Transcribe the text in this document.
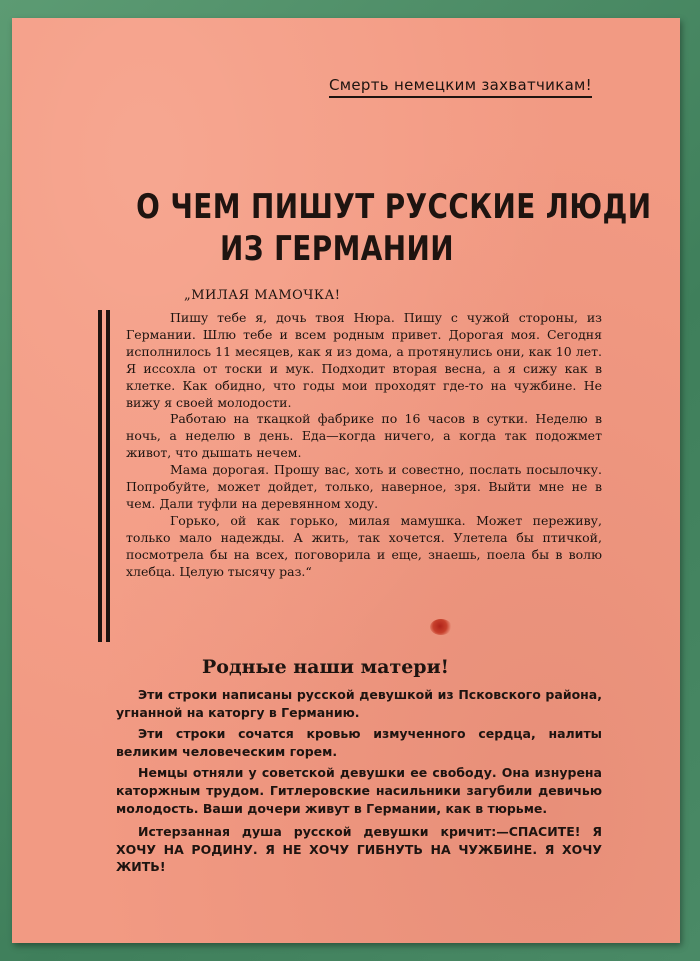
Смерть немецким захватчикам!
О ЧЕМ ПИШУТ РУССКИЕ ЛЮДИ
ИЗ ГЕРМАНИИ
„МИЛАЯ МАМОЧКА!

Пишу тебе я, дочь твоя Нюра. Пишу с чужой стороны, из Германии. Шлю тебе и всем родным привет. Дорогая моя. Сегодня исполнилось 11 месяцев, как я из дома, а протянулись они, как 10 лет. Я иссохла от тоски и мук. Подходит вторая весна, а я сижу как в клетке. Как обидно, что годы мои проходят где-то на чужбине. Не вижу я своей молодости.

Работаю на ткацкой фабрике по 16 часов в сутки. Неделю в ночь, а неделю в день. Еда—когда ничего, а когда так подожмет живот, что дышать нечем.

Мама дорогая. Прошу вас, хоть и совестно, послать посылочку. Попробуйте, может дойдет, только, наверное, зря. Выйти мне не в чем. Дали туфли на деревянном ходу.

Горько, ой как горько, милая мамушка. Может переживу, только мало надежды. А жить, так хочется. Улетела бы птичкой, посмотрела бы на всех, поговорила и еще, знаешь, поела бы в волю хлебца. Целую тысячу раз.“

Родные наши матери!

Эти строки написаны русской девушкой из Псковского района, угнанной на каторгу в Германию.

Эти строки сочатся кровью измученного сердца, налиты великим человеческим горем.

Немцы отняли у советской девушки ее свободу. Она изнурена каторжным трудом. Гитлеровские насильники загубили девичью молодость. Ваши дочери живут в Германии, как в тюрьме.

Истерзанная душа русской девушки кричит:—СПАСИТЕ! Я ХОЧУ НА РОДИНУ. Я НЕ ХОЧУ ГИБНУТЬ НА ЧУЖБИНЕ. Я ХОЧУ ЖИТЬ!
